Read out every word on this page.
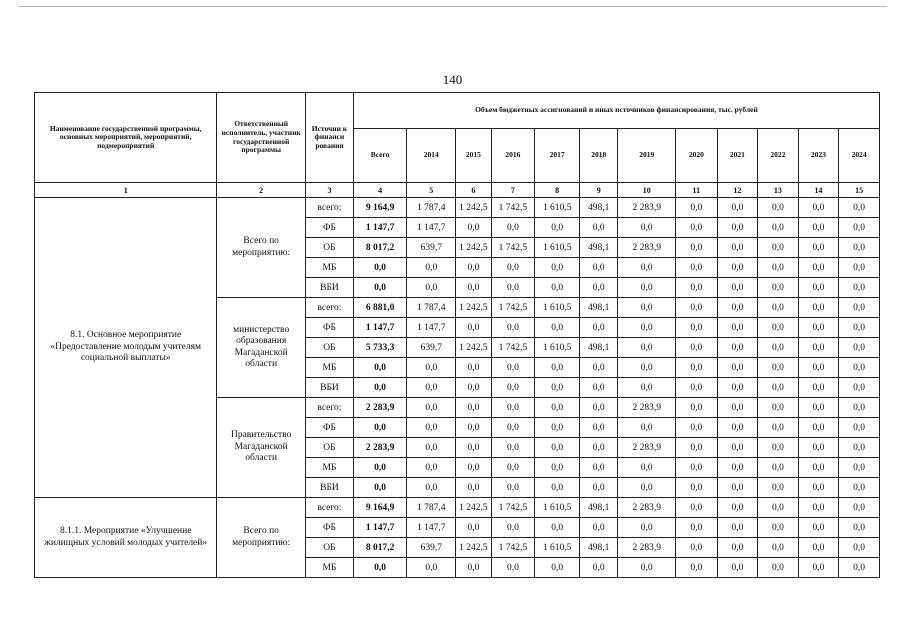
140
Наименование государственной программы, основных мероприятий, мероприятий, подмероприятий	Ответственный исполнитель, участник государственной программы	Источни к финанси рования	Объем бюджетных ассигнований и иных источников финансирования, тыс. рублей											
			Всего	2014	2015	2016	2017	2018	2019	2020	2021	2022	2023	2024
1	2	3	4	5	6	7	8	9	10	11	12	13	14	15
8.1. Основное мероприятие «Предоставление молодым учителям социальной выплаты»	Всего по мероприятию:	всего:	9 164,9	1 787,4	1 242,5	1 742,5	1 610,5	498,1	2 283,9	0,0	0,0	0,0	0,0	0,0
		ФБ	1 147,7	1 147,7	0,0	0,0	0,0	0,0	0,0	0,0	0,0	0,0	0,0	0,0
		ОБ	8 017,2	639,7	1 242,5	1 742,5	1 610,5	498,1	2 283,9	0,0	0,0	0,0	0,0	0,0
		МБ	0,0	0,0	0,0	0,0	0,0	0,0	0,0	0,0	0,0	0,0	0,0	0,0
		ВБИ	0,0	0,0	0,0	0,0	0,0	0,0	0,0	0,0	0,0	0,0	0,0	0,0
	министерство образования Магаданской области	всего:	6 881,0	1 787,4	1 242,5	1 742,5	1 610,5	498,1	0,0	0,0	0,0	0,0	0,0	0,0
		ФБ	1 147,7	1 147,7	0,0	0,0	0,0	0,0	0,0	0,0	0,0	0,0	0,0	0,0
		ОБ	5 733,3	639,7	1 242,5	1 742,5	1 610,5	498,1	0,0	0,0	0,0	0,0	0,0	0,0
		МБ	0,0	0,0	0,0	0,0	0,0	0,0	0,0	0,0	0,0	0,0	0,0	0,0
		ВБИ	0,0	0,0	0,0	0,0	0,0	0,0	0,0	0,0	0,0	0,0	0,0	0,0
	Правительство Магаданской области	всего:	2 283,9	0,0	0,0	0,0	0,0	0,0	2 283,9	0,0	0,0	0,0	0,0	0,0
		ФБ	0,0	0,0	0,0	0,0	0,0	0,0	0,0	0,0	0,0	0,0	0,0	0,0
		ОБ	2 283,9	0,0	0,0	0,0	0,0	0,0	2 283,9	0,0	0,0	0,0	0,0	0,0
		МБ	0,0	0,0	0,0	0,0	0,0	0,0	0,0	0,0	0,0	0,0	0,0	0,0
		ВБИ	0,0	0,0	0,0	0,0	0,0	0,0	0,0	0,0	0,0	0,0	0,0	0,0
8.1.1. Мероприятие «Улучшение жилищных условий молодых учителей»	Всего по мероприятию:	всего:	9 164,9	1 787,4	1 242,5	1 742,5	1 610,5	498,1	2 283,9	0,0	0,0	0,0	0,0	0,0
		ФБ	1 147,7	1 147,7	0,0	0,0	0,0	0,0	0,0	0,0	0,0	0,0	0,0	0,0
		ОБ	8 017,2	639,7	1 242,5	1 742,5	1 610,5	498,1	2 283,9	0,0	0,0	0,0	0,0	0,0
		МБ	0,0	0,0	0,0	0,0	0,0	0,0	0,0	0,0	0,0	0,0	0,0	0,0
